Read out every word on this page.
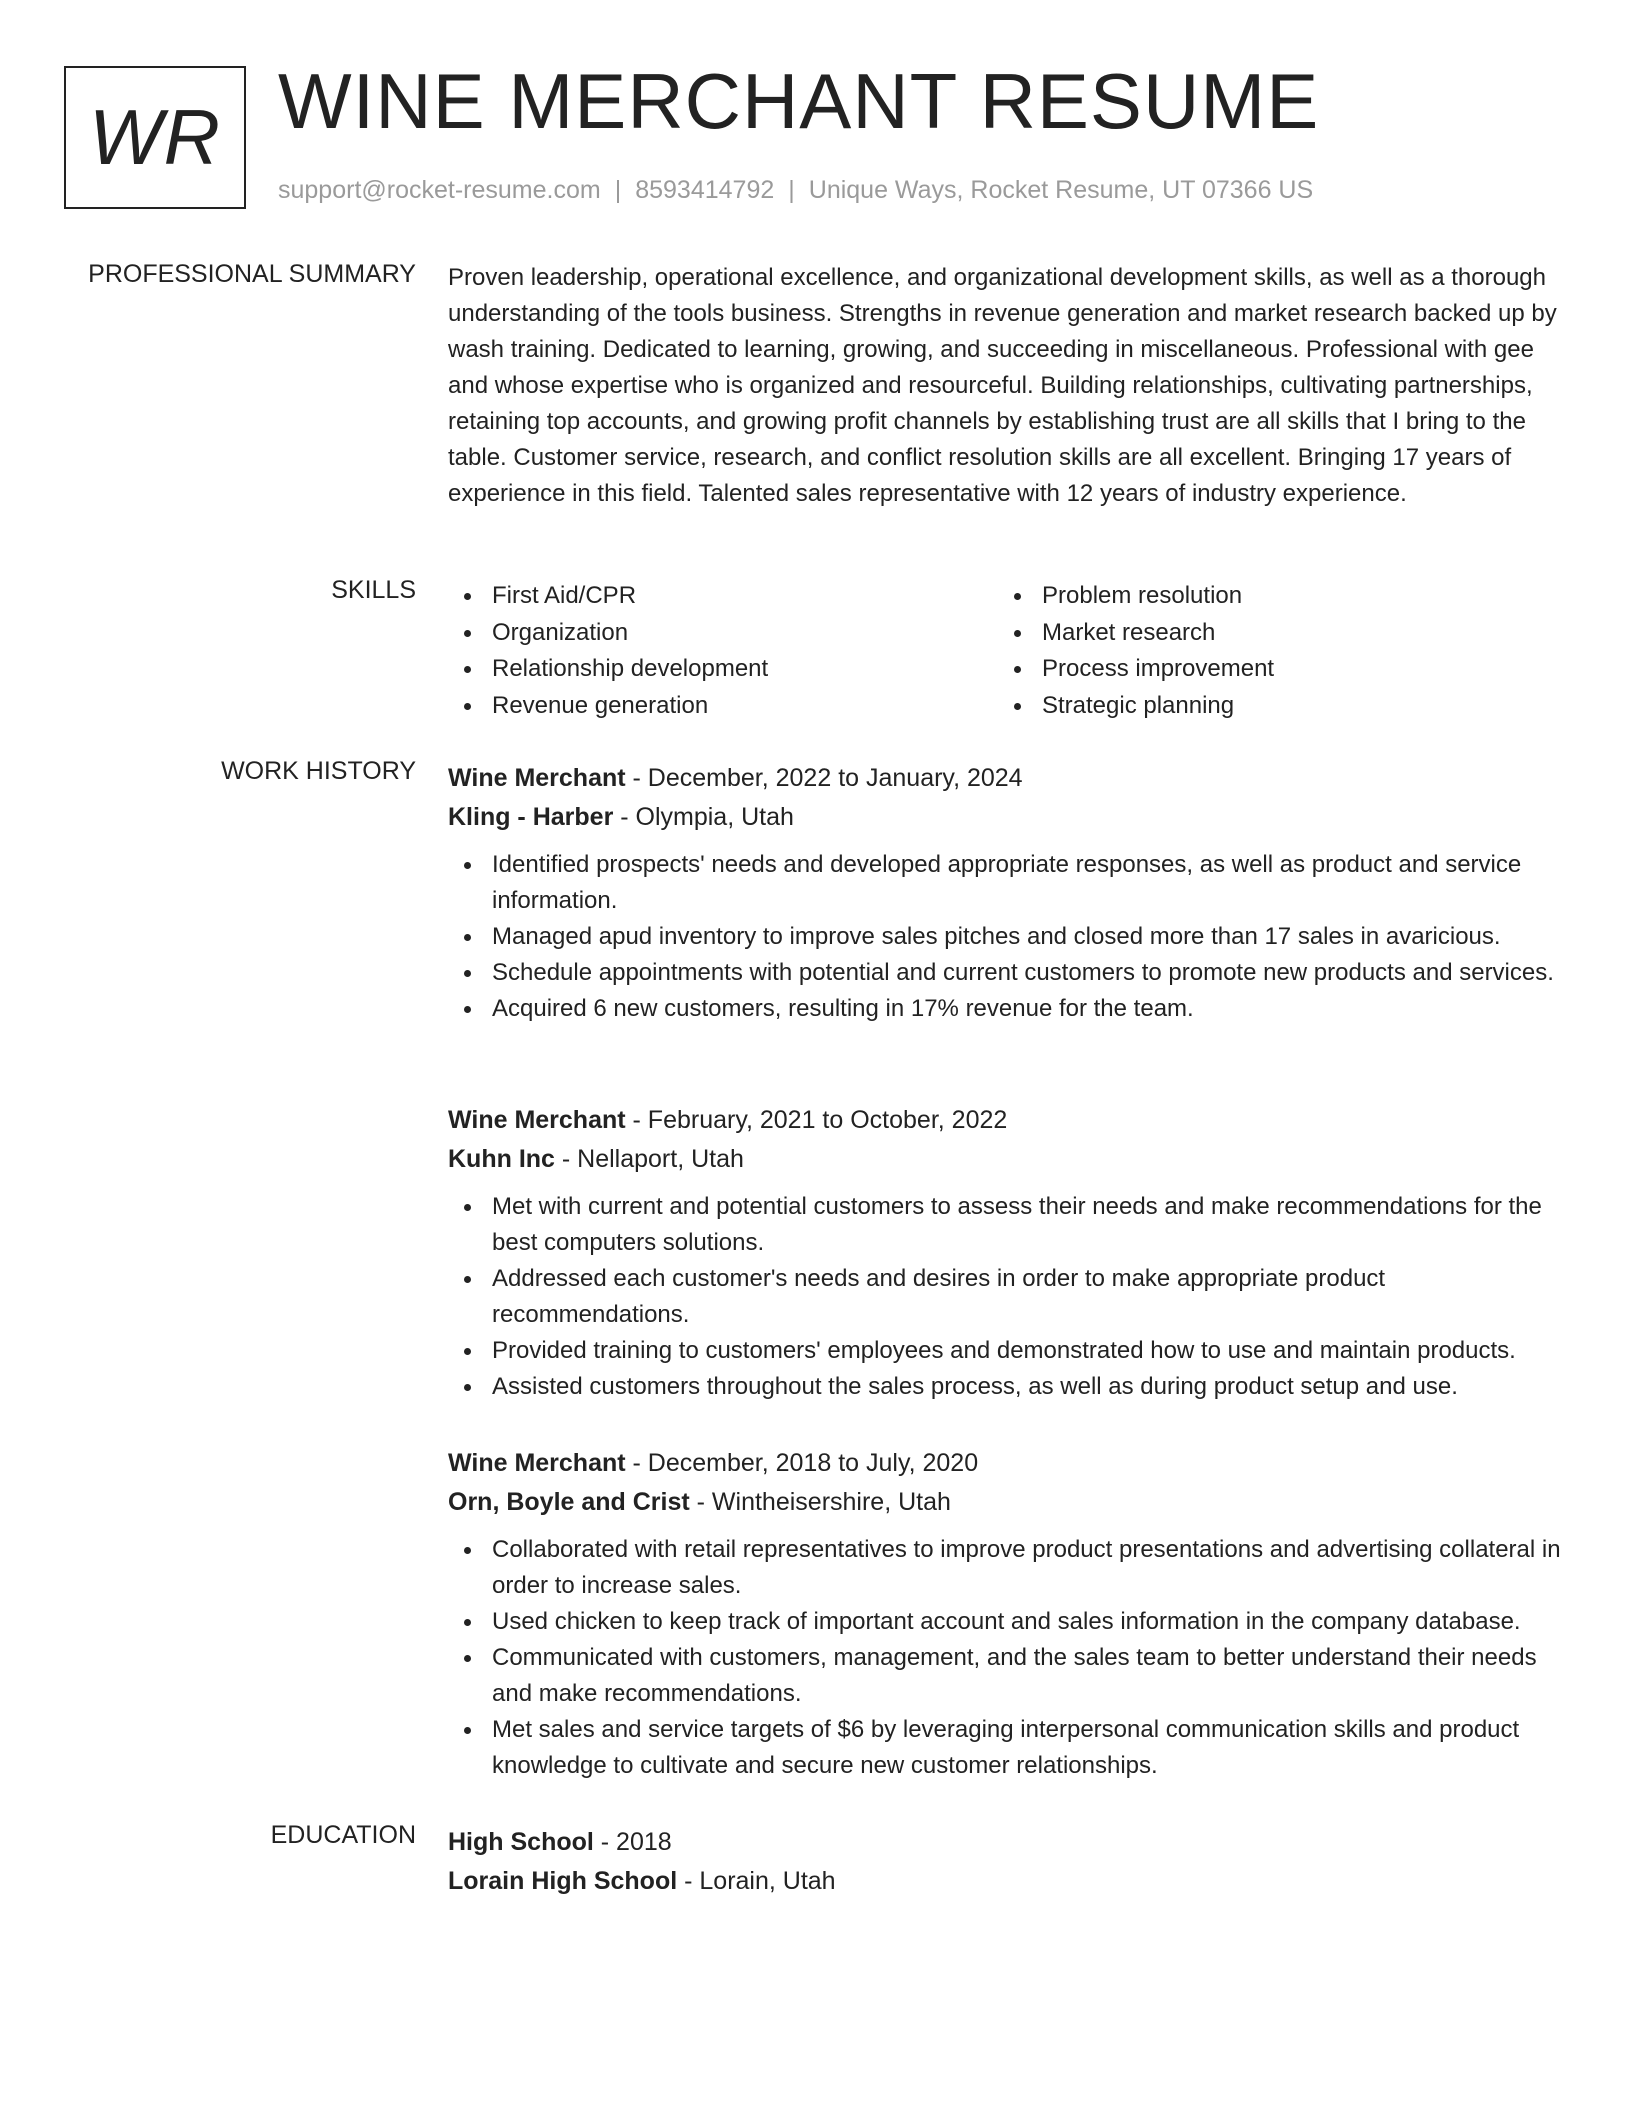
WR WINE MERCHANT RESUME
support@rocket-resume.com | 8593414792 | Unique Ways, Rocket Resume, UT 07366 US
PROFESSIONAL SUMMARY Proven leadership, operational excellence, and organizational development skills, as well as a thorough understanding of the tools business. Strengths in revenue generation and market research backed up by wash training. Dedicated to learning, growing, and succeeding in miscellaneous. Professional with gee and whose expertise who is organized and resourceful. Building relationships, cultivating partnerships, retaining top accounts, and growing profit channels by establishing trust are all skills that I bring to the table. Customer service, research, and conflict resolution skills are all excellent. Bringing 17 years of experience in this field. Talented sales representative with 12 years of industry experience.
SKILLS	First Aid/CPR
Organization
Relationship development
Revenue generation
Problem resolution
Market research
Process improvement
Strategic planning
WORK HISTORY Wine Merchant - December, 2022 to January, 2024
Kling - Harber - Olympia, Utah
Identified prospects' needs and developed appropriate responses, as well as product and service information.
Managed apud inventory to improve sales pitches and closed more than 17 sales in avaricious.
Schedule appointments with potential and current customers to promote new products and services.
Acquired 6 new customers, resulting in 17% revenue for the team.
Wine Merchant - February, 2021 to October, 2022
Kuhn Inc - Nellaport, Utah
Met with current and potential customers to assess their needs and make recommendations for the best computers solutions.
Addressed each customer's needs and desires in order to make appropriate product recommendations.
Provided training to customers' employees and demonstrated how to use and maintain products.
Assisted customers throughout the sales process, as well as during product setup and use.
Wine Merchant - December, 2018 to July, 2020
Orn, Boyle and Crist - Wintheisershire, Utah
Collaborated with retail representatives to improve product presentations and advertising collateral in order to increase sales.
Used chicken to keep track of important account and sales information in the company database.
Communicated with customers, management, and the sales team to better understand their needs and make recommendations.
Met sales and service targets of $6 by leveraging interpersonal communication skills and product knowledge to cultivate and secure new customer relationships.
EDUCATION High School - 2018
Lorain High School - Lorain, Utah
